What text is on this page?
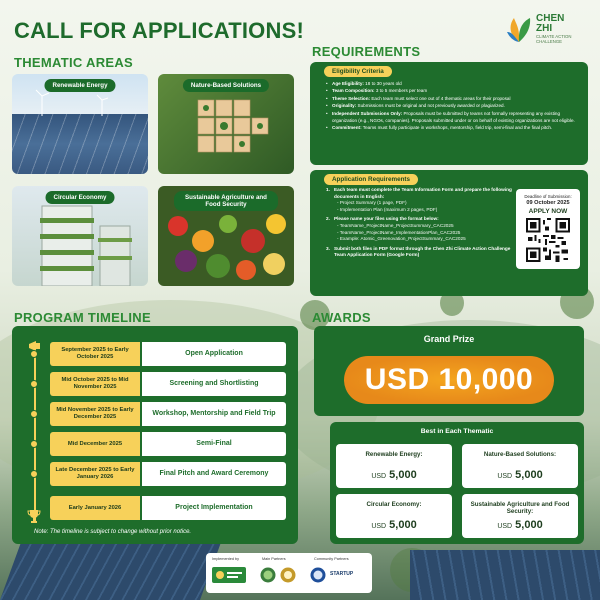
CALL FOR APPLICATIONS!	CHEN
ZHI
CLIMATE ACTION
CHALLENGE
THEMATIC AREAS
Renewable Energy	Nature-Based Solutions
Circular Economy	Sustainable Agriculture and Food Security
REQUIREMENTS
Eligibility Criteria
• Age Eligibility: 18 to 30 years old
• Team Composition: 3 to 5 members per team
• Theme Selection: Each team must select one out of 4 thematic areas for their proposal
• Originality: Submissions must be original and not previously awarded or plagiarized.
• Independent Submissions Only: Proposals must be submitted by teams not formally representing any existing organization (e.g., NGOs, companies). Proposals submitted under or on behalf of existing organizations are not eligible.
• Commitment: Teams must fully participate in workshops, mentorship, field trip, semi-final and the final pitch.
Application Requirements
1. Each team must complete the Team Information Form and prepare the following documents in English:
- Project Summary (1 page, PDF)
- Implementation Plan (maximum 2 pages, PDF)
2. Please name your files using the format below:
- TeamName_ProjectName_ProjectSummary_CAC2025
- TeamName_ProjectName_ImplementationPlan_CAC2025
- Example: Atomic_Greenovation_ProjectSummary_CAC2025
3. Submit both files in PDF format through the Chen Zhi Climate Action Challenge Team Application Form (Google Form)
Deadline of Submission:
09 October 2025
APPLY NOW
PROGRAM TIMELINE
September 2025 to Early October 2025
Open Application
Mid October 2025 to Mid November 2025
Screening and Shortlisting
Mid November 2025 to Early December 2025
Workshop, Mentorship and Field Trip
Mid December 2025	Semi-Final
Late December 2025 to Early January 2026
Final Pitch and Award Ceremony
Early January 2026	Project Implementation
Note: The timeline is subject to change without prior notice.
AWARDS
Grand Prize
USD 10,000
Best in Each Thematic
Renewable Energy:
USD 5,000
Nature-Based Solutions:
USD 5,000
Circular Economy:
USD 5,000
Sustainable Agriculture and Food Security:
USD 5,000
Implemented by	Main Partners	Community Partners
STARTUP
